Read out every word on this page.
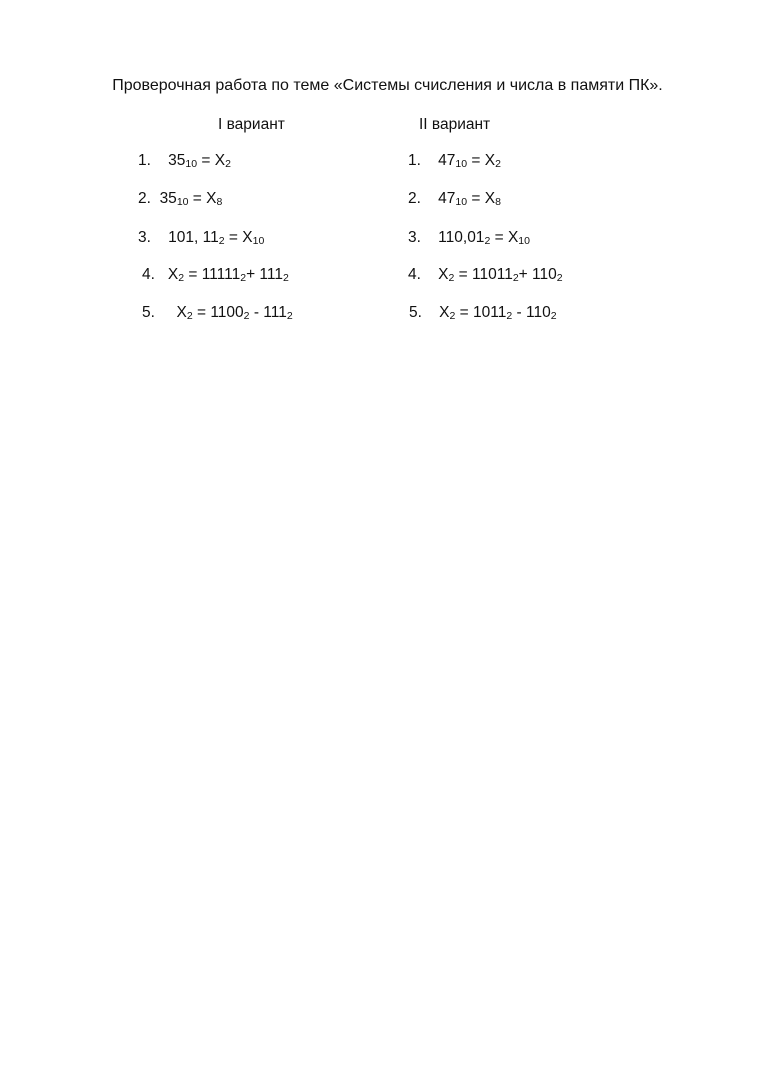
Проверочная работа по теме «Системы счисления и числа в памяти ПК».
I вариант	II вариант
1. $35_{10} = X_2$
2. $35_{10} = X_8$
3. 101, $11_2 = X_{10}$
4. $X_2 = 11111_2+ 111_2$
5. $X_2 = 1100_2 - 111_2$
1. $47_{10} = X_2$
2. $47_{10} = X_8$
3. $110,01_2 = X_{10}$
4. $X_2 = 11011_2+ 110_2$
5. $X_2 = 1011_2 - 110_2$
